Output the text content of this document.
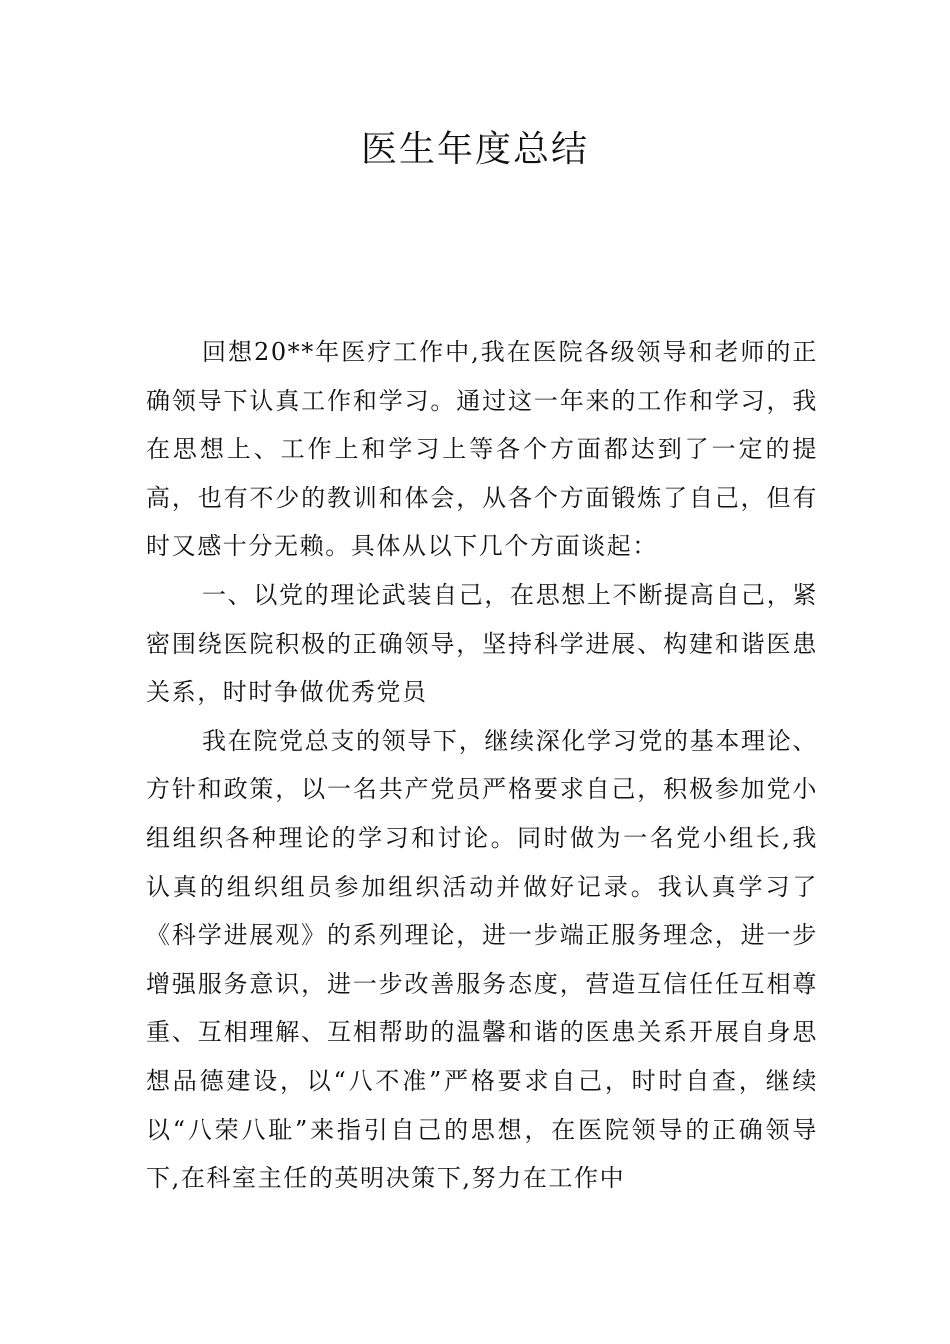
医生年度总结

回想20**年医疗工作中,我在医院各级领导和老师的正确领导下认真工作和学习。通过这一年来的工作和学习，我在思想上、工作上和学习上等各个方面都达到了一定的提高，也有不少的教训和体会，从各个方面锻炼了自己，但有时又感十分无赖。具体从以下几个方面谈起：

一、以党的理论武装自己，在思想上不断提高自己，紧密围绕医院积极的正确领导，坚持科学进展、构建和谐医患关系，时时争做优秀党员

我在院党总支的领导下，继续深化学习党的基本理论、方针和政策，以一名共产党员严格要求自己，积极参加党小组组织各种理论的学习和讨论。同时做为一名党小组长,我认真的组织组员参加组织活动并做好记录。我认真学习了《科学进展观》的系列理论，进一步端正服务理念，进一步增强服务意识，进一步改善服务态度，营造互信任任互相尊重、互相理解、互相帮助的温馨和谐的医患关系开展自身思想品德建设，以“八不准”严格要求自己，时时自查，继续以“八荣八耻”来指引自己的思想，在医院领导的正确领导下,在科室主任的英明决策下,努力在工作中
